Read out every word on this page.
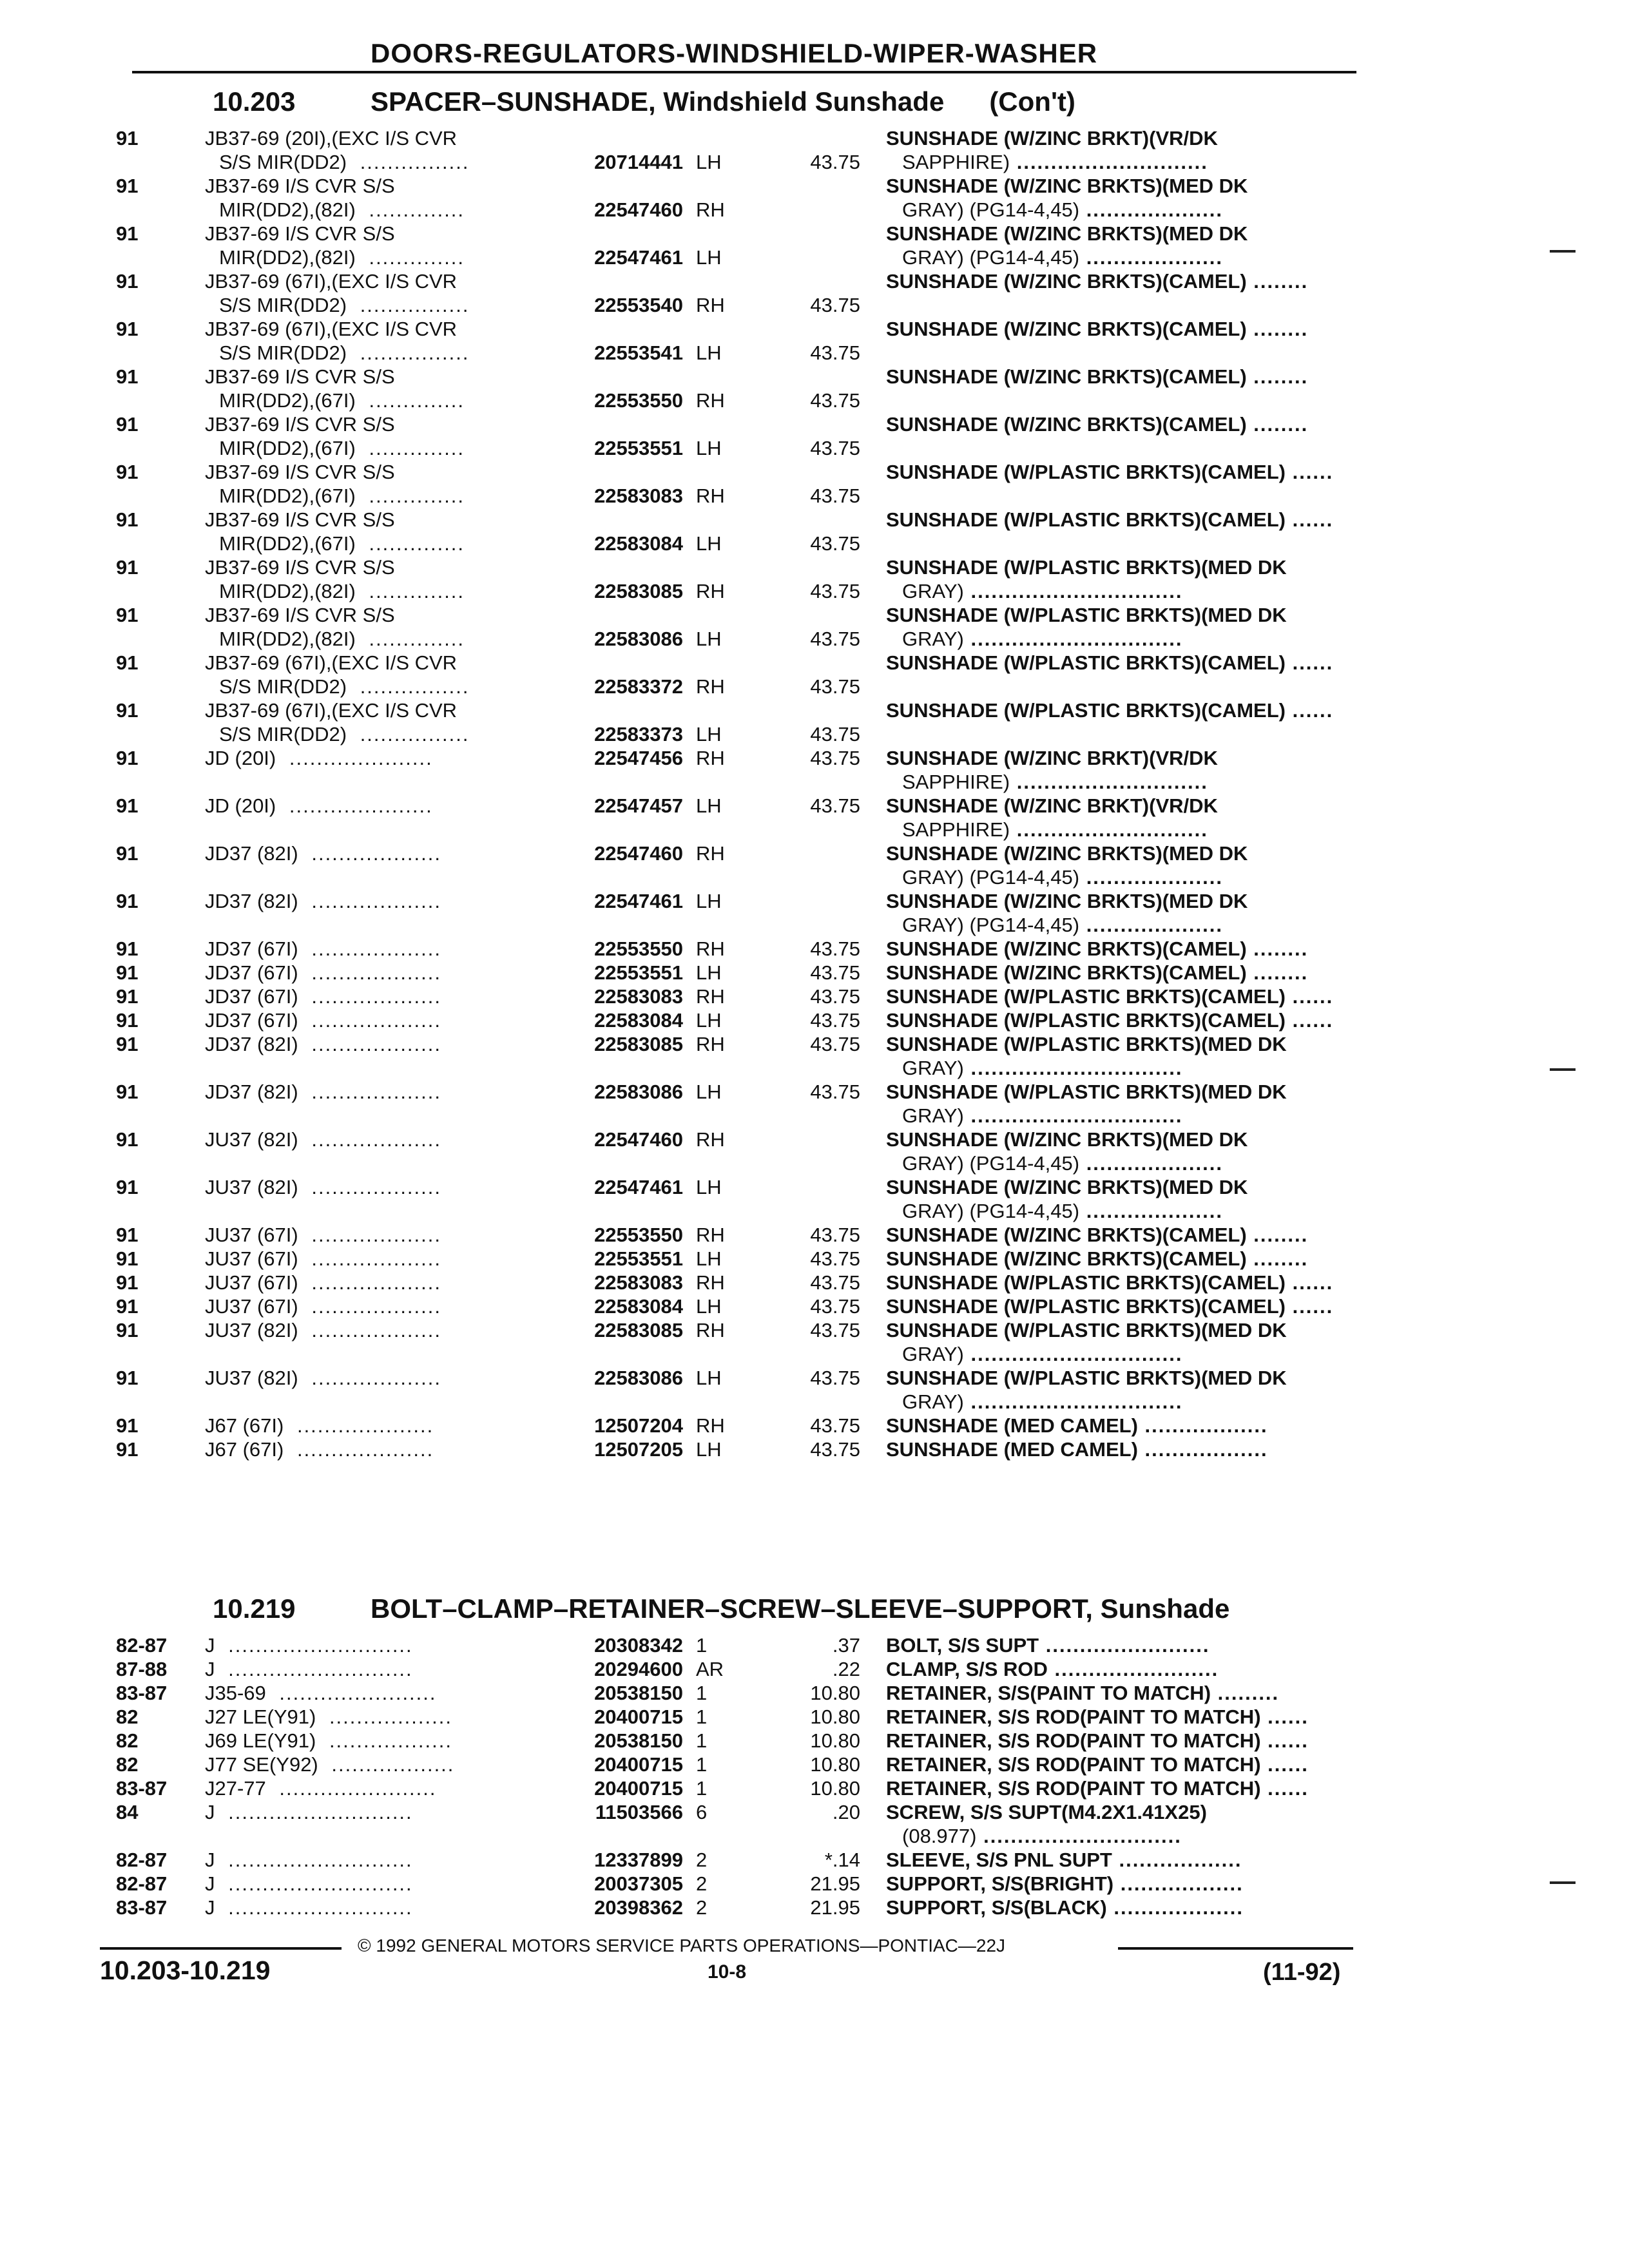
DOORS-REGULATORS-WINDSHIELD-WIPER-WASHER
10.203	SPACER–SUNSHADE, Windshield Sunshade (Con't)
91	JB37-69 (20I),(EXC I/S CVR
S/S MIR(DD2) ................	20714441 LH	43.75
SUNSHADE (W/ZINC BRKT)(VR/DK
SAPPHIRE) ............................
91	JB37-69 I/S CVR S/S
MIR(DD2),(82I) ..............	22547460 RH
SUNSHADE (W/ZINC BRKTS)(MED DK
GRAY) (PG14-4,45) ....................
91	JB37-69 I/S CVR S/S
MIR(DD2),(82I) ..............	22547461 LH
SUNSHADE (W/ZINC BRKTS)(MED DK
GRAY) (PG14-4,45) ....................
91	JB37-69 (67I),(EXC I/S CVR
S/S MIR(DD2) ................	22553540 RH	43.75
SUNSHADE (W/ZINC BRKTS)(CAMEL) ........
91	JB37-69 (67I),(EXC I/S CVR
S/S MIR(DD2) ................	22553541 LH	43.75
SUNSHADE (W/ZINC BRKTS)(CAMEL) ........
91	JB37-69 I/S CVR S/S
MIR(DD2),(67I) ..............	22553550 RH	43.75
SUNSHADE (W/ZINC BRKTS)(CAMEL) ........
91	JB37-69 I/S CVR S/S
MIR(DD2),(67I) ..............	22553551 LH	43.75
SUNSHADE (W/ZINC BRKTS)(CAMEL) ........
91	JB37-69 I/S CVR S/S
MIR(DD2),(67I) ..............	22583083 RH	43.75
SUNSHADE (W/PLASTIC BRKTS)(CAMEL) ......
91	JB37-69 I/S CVR S/S
MIR(DD2),(67I) ..............	22583084 LH	43.75
SUNSHADE (W/PLASTIC BRKTS)(CAMEL) ......
91	JB37-69 I/S CVR S/S
MIR(DD2),(82I) ..............	22583085 RH	43.75
SUNSHADE (W/PLASTIC BRKTS)(MED DK
GRAY) ...............................
91	JB37-69 I/S CVR S/S
MIR(DD2),(82I) ..............	22583086 LH	43.75
SUNSHADE (W/PLASTIC BRKTS)(MED DK
GRAY) ...............................
91	JB37-69 (67I),(EXC I/S CVR
S/S MIR(DD2) ................	22583372 RH	43.75
SUNSHADE (W/PLASTIC BRKTS)(CAMEL) ......
91	JB37-69 (67I),(EXC I/S CVR
S/S MIR(DD2) ................	22583373 LH	43.75
SUNSHADE (W/PLASTIC BRKTS)(CAMEL) ......
91	JD (20I) .....................	22547456 RH	43.75 SUNSHADE (W/ZINC BRKT)(VR/DK
SAPPHIRE) ............................
91	JD (20I) .....................	22547457 LH	43.75 SUNSHADE (W/ZINC BRKT)(VR/DK
SAPPHIRE) ............................
91	JD37 (82I) ...................	22547460 RH	SUNSHADE (W/ZINC BRKTS)(MED DK
GRAY) (PG14-4,45) ....................
91	JD37 (82I) ...................	22547461 LH	SUNSHADE (W/ZINC BRKTS)(MED DK
GRAY) (PG14-4,45) ....................
91	JD37 (67I) ...................	22553550 RH	43.75 SUNSHADE (W/ZINC BRKTS)(CAMEL) ........
91	JD37 (67I) ...................	22553551 LH	43.75 SUNSHADE (W/ZINC BRKTS)(CAMEL) ........
91	JD37 (67I) ...................	22583083 RH	43.75 SUNSHADE (W/PLASTIC BRKTS)(CAMEL) ......
91	JD37 (67I) ...................	22583084 LH	43.75 SUNSHADE (W/PLASTIC BRKTS)(CAMEL) ......
91	JD37 (82I) ...................	22583085 RH	43.75 SUNSHADE (W/PLASTIC BRKTS)(MED DK
GRAY) ...............................
91	JD37 (82I) ...................	22583086 LH	43.75 SUNSHADE (W/PLASTIC BRKTS)(MED DK
GRAY) ...............................
91	JU37 (82I) ...................	22547460 RH	SUNSHADE (W/ZINC BRKTS)(MED DK
GRAY) (PG14-4,45) ....................
91	JU37 (82I) ...................	22547461 LH	SUNSHADE (W/ZINC BRKTS)(MED DK
GRAY) (PG14-4,45) ....................
91	JU37 (67I) ...................	22553550 RH	43.75 SUNSHADE (W/ZINC BRKTS)(CAMEL) ........
91	JU37 (67I) ...................	22553551 LH	43.75 SUNSHADE (W/ZINC BRKTS)(CAMEL) ........
91	JU37 (67I) ...................	22583083 RH	43.75 SUNSHADE (W/PLASTIC BRKTS)(CAMEL) ......
91	JU37 (67I) ...................	22583084 LH	43.75 SUNSHADE (W/PLASTIC BRKTS)(CAMEL) ......
91	JU37 (82I) ...................	22583085 RH	43.75 SUNSHADE (W/PLASTIC BRKTS)(MED DK
GRAY) ...............................
91	JU37 (82I) ...................	22583086 LH	43.75 SUNSHADE (W/PLASTIC BRKTS)(MED DK
GRAY) ...............................
91	J67 (67I) ....................	12507204 RH	43.75 SUNSHADE (MED CAMEL) ..................
91	J67 (67I) ....................	12507205 LH	43.75 SUNSHADE (MED CAMEL) ..................
10.219	BOLT–CLAMP–RETAINER–SCREW–SLEEVE–SUPPORT, Sunshade
82-87 J ...........................	20308342 1	.37 BOLT, S/S SUPT ........................
87-88 J ...........................	20294600 AR	.22 CLAMP, S/S ROD ........................
83-87 J35-69 .......................	20538150 1	10.80 RETAINER, S/S(PAINT TO MATCH) .........
82	J27 LE(Y91) ..................	20400715 1	10.80 RETAINER, S/S ROD(PAINT TO MATCH) ......
82	J69 LE(Y91) ..................	20538150 1	10.80 RETAINER, S/S ROD(PAINT TO MATCH) ......
82	J77 SE(Y92) ..................	20400715 1	10.80 RETAINER, S/S ROD(PAINT TO MATCH) ......
83-87 J27-77 .......................	20400715 1	10.80 RETAINER, S/S ROD(PAINT TO MATCH) ......
84	J ...........................	11503566 6	.20 SCREW, S/S SUPT(M4.2X1.41X25)
(08.977) .............................
82-87 J ...........................	12337899 2	*.14 SLEEVE, S/S PNL SUPT ..................
82-87 J ...........................	20037305 2	21.95 SUPPORT, S/S(BRIGHT) ..................
83-87 J ...........................	20398362 2	21.95 SUPPORT, S/S(BLACK) ...................
© 1992 GENERAL MOTORS SERVICE PARTS OPERATIONS—PONTIAC—22J
10.203-10.219	10-8	(11-92)
